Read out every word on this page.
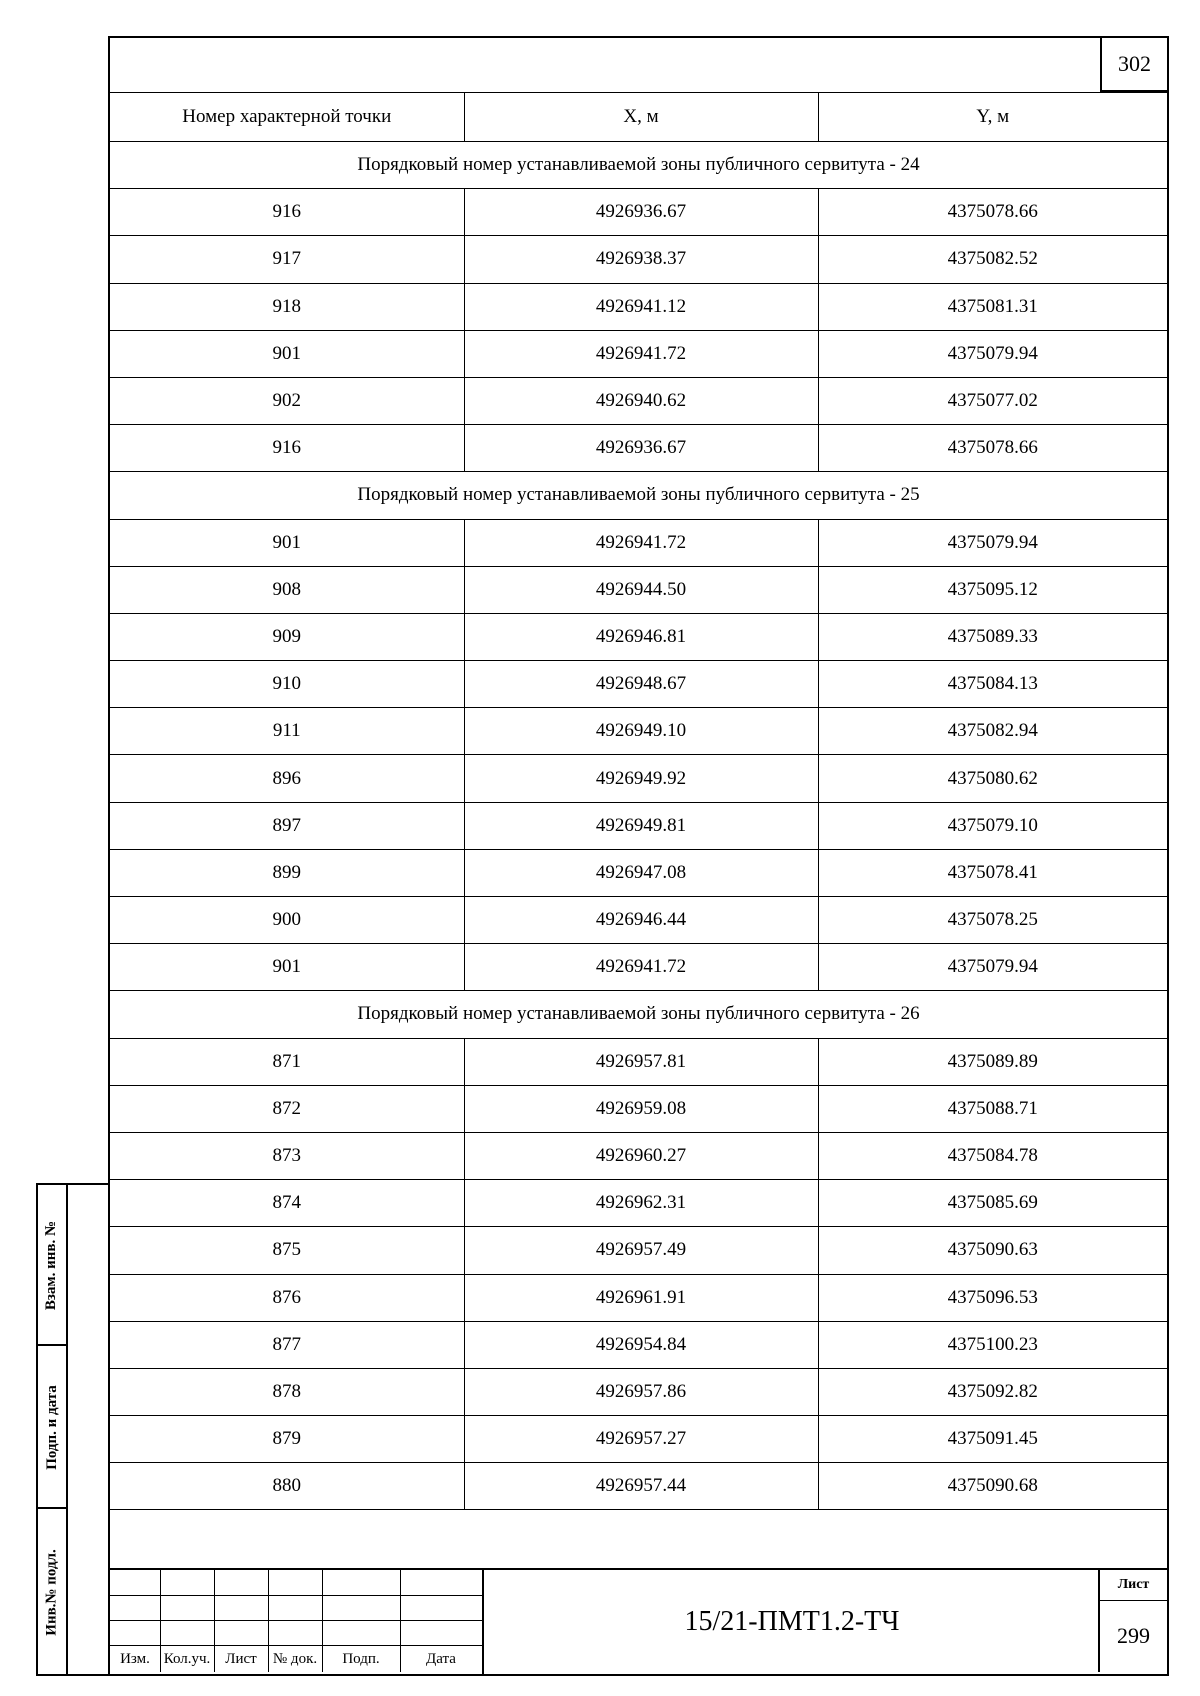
302
Номер характерной точки	X, м	Y, м
Порядковый номер устанавливаемой зоны публичного сервитута - 24		
916	4926936.67	4375078.66
917	4926938.37	4375082.52
918	4926941.12	4375081.31
901	4926941.72	4375079.94
902	4926940.62	4375077.02
916	4926936.67	4375078.66
Порядковый номер устанавливаемой зоны публичного сервитута - 25		
901	4926941.72	4375079.94
908	4926944.50	4375095.12
909	4926946.81	4375089.33
910	4926948.67	4375084.13
911	4926949.10	4375082.94
896	4926949.92	4375080.62
897	4926949.81	4375079.10
899	4926947.08	4375078.41
900	4926946.44	4375078.25
901	4926941.72	4375079.94
Порядковый номер устанавливаемой зоны публичного сервитута - 26		
871	4926957.81	4375089.89
872	4926959.08	4375088.71
873	4926960.27	4375084.78
874	4926962.31	4375085.69
875	4926957.49	4375090.63
876	4926961.91	4375096.53
877	4926954.84	4375100.23
878	4926957.86	4375092.82
879	4926957.27	4375091.45
880	4926957.44	4375090.68
Изм. Кол.уч. Лист	№ док.	Подп.	Дата
15/21-ПМТ1.2-ТЧ
Лист
299
Взам. инв. №
Подп. и дата
Инв.№ подл.
